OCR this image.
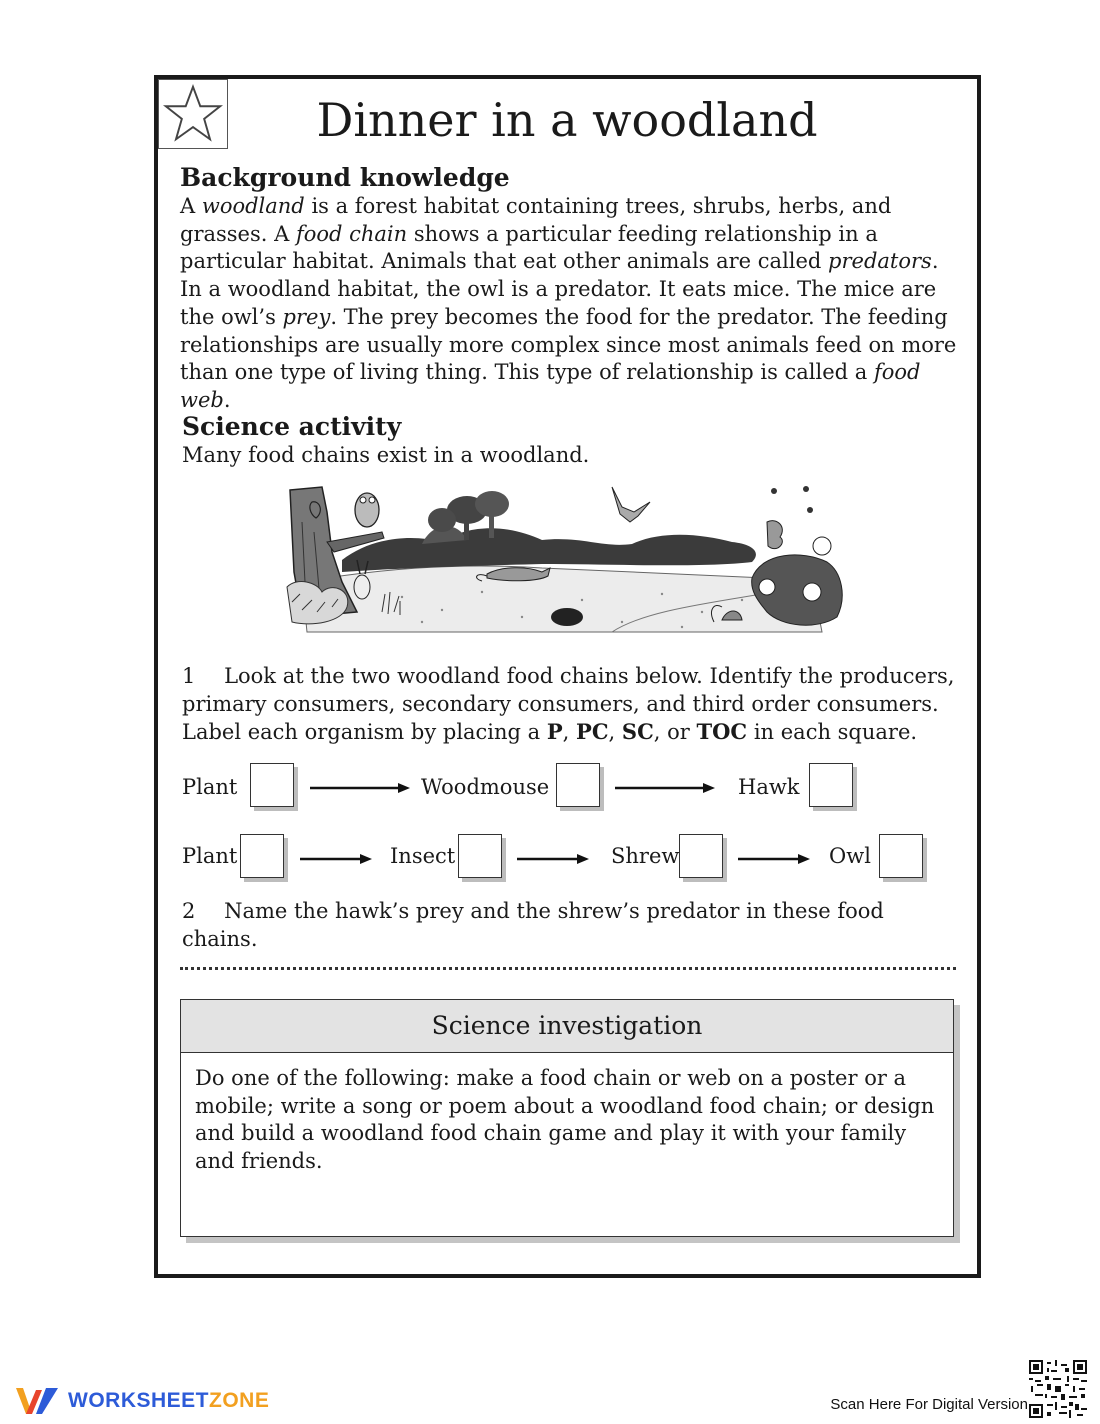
Dinner in a woodland
Background knowledge
A woodland is a forest habitat containing trees, shrubs, herbs, and grasses. A food chain shows a particular feeding relationship in a particular habitat. Animals that eat other animals are called predators. In a woodland habitat, the owl is a predator. It eats mice. The mice are the owl’s prey. The prey becomes the food for the predator. The feeding relationships are usually more complex since most animals feed on more than one type of living thing. This type of relationship is called a food web.
Science activity
Many food chains exist in a woodland.
1 Look at the two woodland food chains below. Identify the producers, primary consumers, secondary consumers, and third order consumers. Label each organism by placing a P, PC, SC, or TOC in each square.
Plant	Woodmouse	Hawk
Plant	Insect	Shrew	Owl
2 Name the hawk’s prey and the shrew’s predator in these food chains.
Science investigation
Do one of the following: make a food chain or web on a poster or a mobile; write a song or poem about a woodland food chain; or design and build a woodland food chain game and play it with your family and friends.
WORKSHEETZONE	Scan Here For Digital Version
